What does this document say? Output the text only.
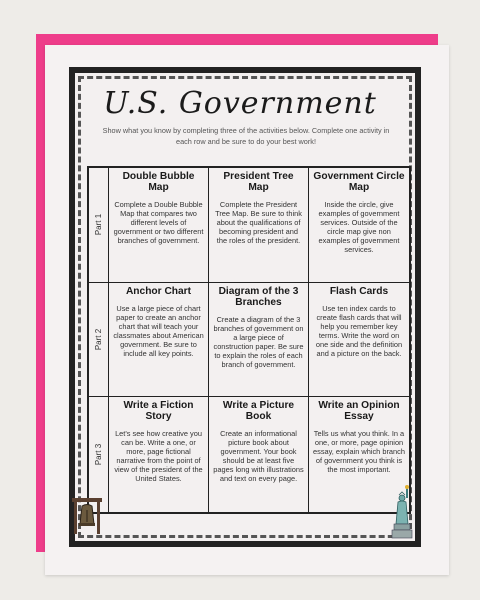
U.S. Government
Show what you know by completing three of the activities below. Complete one activity in each row and be sure to do your best work!
Part 1
Double Bubble Map

Complete a Double Bubble Map that compares two different levels of government or two different branches of government.

President Tree Map

Complete the President Tree Map. Be sure to think about the qualifications of becoming president and the roles of the president.

Government Circle Map

Inside the circle, give examples of government services. Outside of the circle map give non examples of government services.

Part 2
Anchor Chart

Use a large piece of chart paper to create an anchor chart that will teach your classmates about American government. Be sure to include all key points.

Diagram of the 3 Branches

Create a diagram of the 3 branches of government on a large piece of construction paper. Be sure to explain the roles of each branch of government.

Flash Cards

Use ten index cards to create flash cards that will help you remember key terms. Write the word on one side and the definition and a picture on the back.

Part 3
Write a Fiction Story

Let's see how creative you can be. Write a one, or more, page fictional narrative from the point of view of the president of the United States.

Write a Picture Book

Create an informational picture book about government. Your book should be at least five pages long with illustrations and text on every page.

Write an Opinion Essay

Tells us what you think. In a one, or more, page opinion essay, explain which branch of government you think is the most important.
